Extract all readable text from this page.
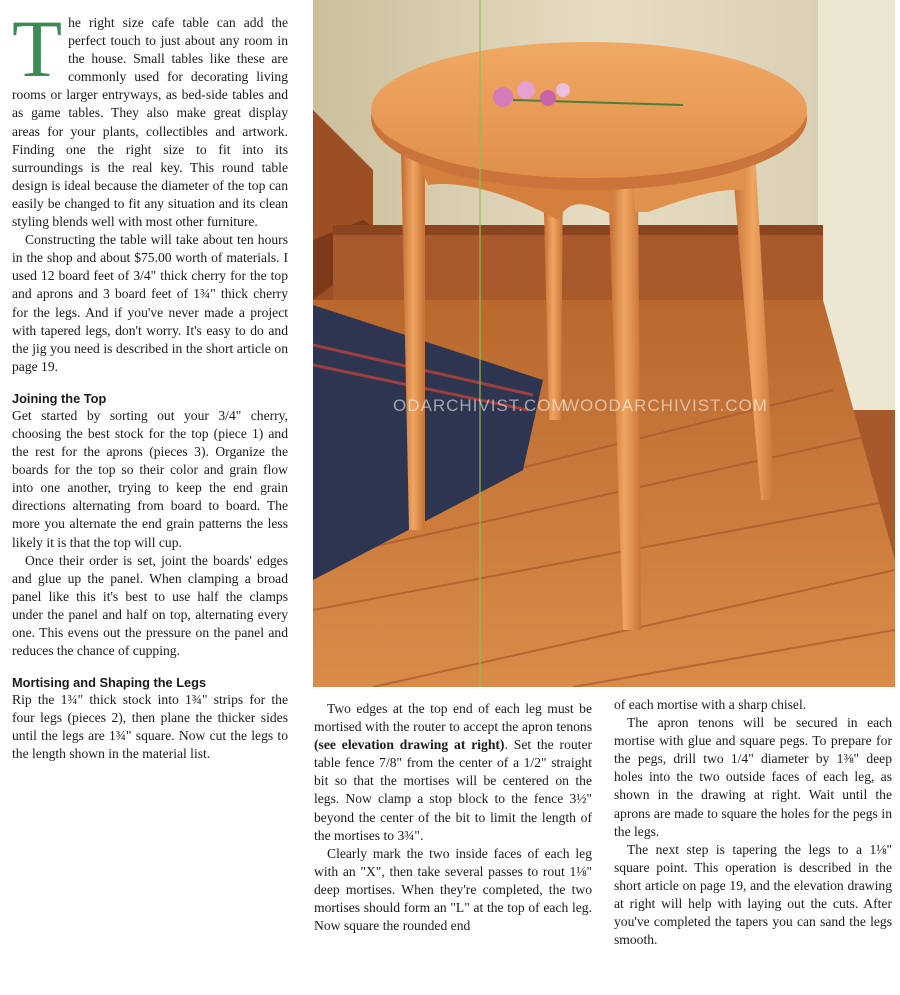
The right size cafe table can add the perfect touch to just about any room in the house. Small tables like these are commonly used for decorating living rooms or larger entryways, as bed-side tables and as game tables. They also make great display areas for your plants, collectibles and artwork. Finding one the right size to fit into its surroundings is the real key. This round table design is ideal because the diameter of the top can easily be changed to fit any situation and its clean styling blends well with most other furniture.

Constructing the table will take about ten hours in the shop and about $75.00 worth of materials. I used 12 board feet of 3/4" thick cherry for the top and aprons and 3 board feet of 1¾" thick cherry for the legs. And if you've never made a project with tapered legs, don't worry. It's easy to do and the jig you need is described in the short article on page 19.

Joining the Top

Get started by sorting out your 3/4" cherry, choosing the best stock for the top (piece 1) and the rest for the aprons (pieces 3). Organize the boards for the top so their color and grain flow into one another, trying to keep the end grain directions alternating from board to board. The more you alternate the end grain patterns the less likely it is that the top will cup.

Once their order is set, joint the boards' edges and glue up the panel. When clamping a broad panel like this it's best to use half the clamps under the panel and half on top, alternating every one. This evens out the pressure on the panel and reduces the chance of cupping.

Mortising and Shaping the Legs

Rip the 1¾" thick stock into 1¾" strips for the four legs (pieces 2), then plane the thicker sides until the legs are 1¾" square. Now cut the legs to the length shown in the material list.

ODARCHIVIST.COM
WOODARCHIVIST.COM

Two edges at the top end of each leg must be mortised with the router to accept the apron tenons (see elevation drawing at right). Set the router table fence 7/8" from the center of a 1/2" straight bit so that the mortises will be centered on the legs. Now clamp a stop block to the fence 3½" beyond the center of the bit to limit the length of the mortises to 3¾".

Clearly mark the two inside faces of each leg with an "X", then take several passes to rout 1⅛" deep mortises. When they're completed, the two mortises should form an "L" at the top of each leg. Now square the rounded end

of each mortise with a sharp chisel.

The apron tenons will be secured in each mortise with glue and square pegs. To prepare for the pegs, drill two 1/4" diameter by 1⅜" deep holes into the two outside faces of each leg, as shown in the drawing at right. Wait until the aprons are made to square the holes for the pegs in the legs.

The next step is tapering the legs to a 1⅛" square point. This operation is described in the short article on page 19, and the elevation drawing at right will help with laying out the cuts. After you've completed the tapers you can sand the legs smooth.
